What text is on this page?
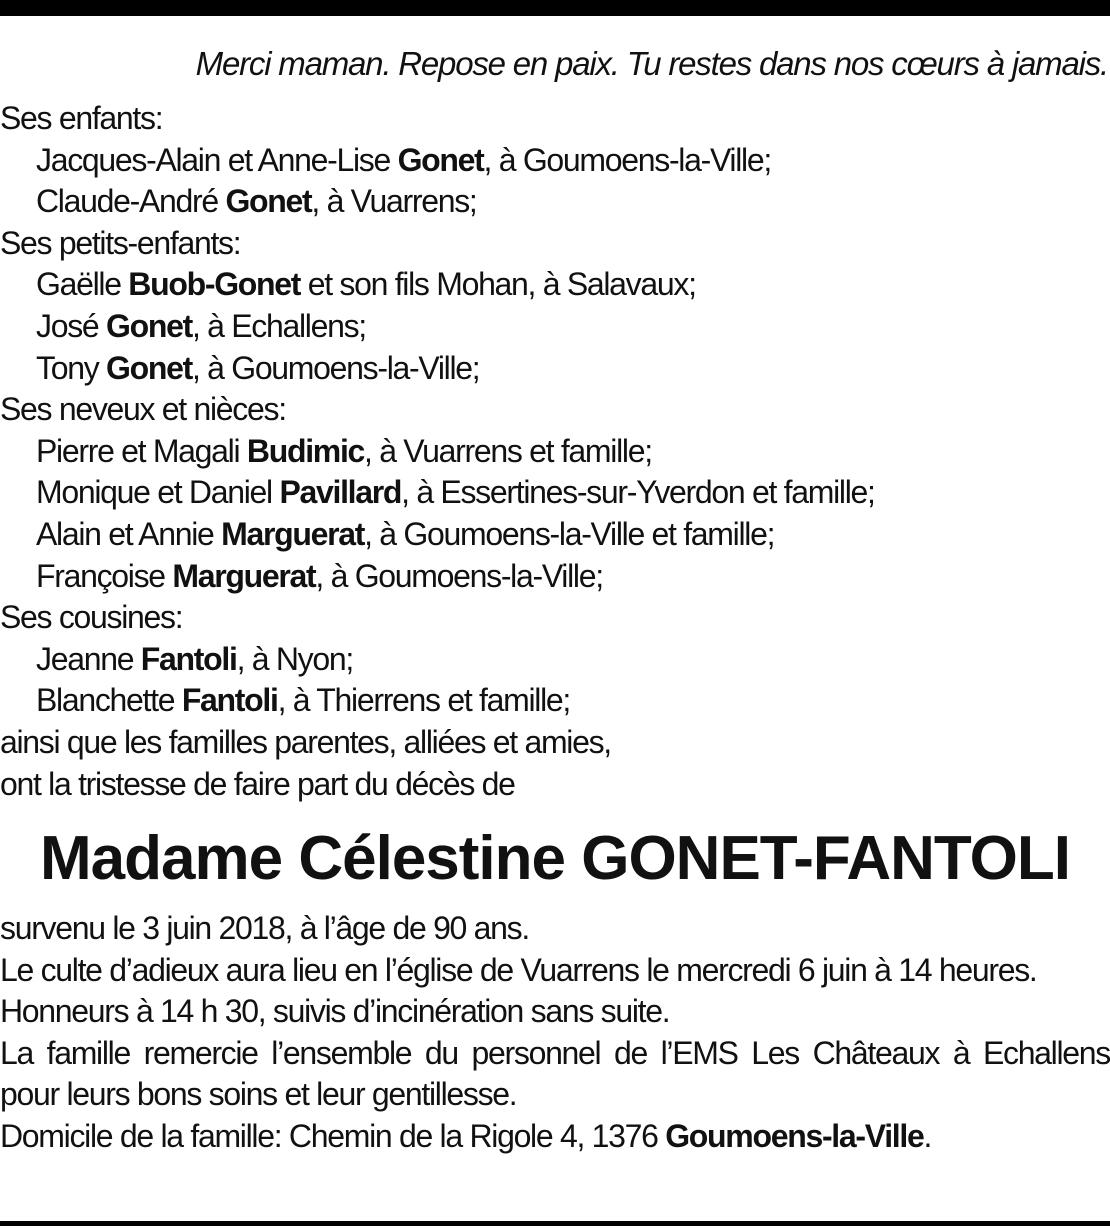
Merci maman. Repose en paix. Tu restes dans nos cœurs à jamais.

Ses enfants:
Jacques-Alain et Anne-Lise Gonet, à Goumoens-la-Ville;
Claude-André Gonet, à Vuarrens;
Ses petits-enfants:
Gaëlle Buob-Gonet et son fils Mohan, à Salavaux;
José Gonet, à Echallens;
Tony Gonet, à Goumoens-la-Ville;
Ses neveux et nièces:
Pierre et Magali Budimic, à Vuarrens et famille;
Monique et Daniel Pavillard, à Essertines-sur-Yverdon et famille;
Alain et Annie Marguerat, à Goumoens-la-Ville et famille;
Françoise Marguerat, à Goumoens-la-Ville;
Ses cousines:
Jeanne Fantoli, à Nyon;
Blanchette Fantoli, à Thierrens et famille;
ainsi que les familles parentes, alliées et amies,
ont la tristesse de faire part du décès de
Madame Célestine GONET-FANTOLI

survenu le 3 juin 2018, à l’âge de 90 ans.

Le culte d’adieux aura lieu en l’église de Vuarrens le mercredi 6 juin à 14 heures.

Honneurs à 14 h 30, suivis d’incinération sans suite.

La famille remercie l’ensemble du personnel de l’EMS Les Châteaux à Echallens pour leurs bons soins et leur gentillesse.

Domicile de la famille: Chemin de la Rigole 4, 1376 Goumoens-la-Ville.
